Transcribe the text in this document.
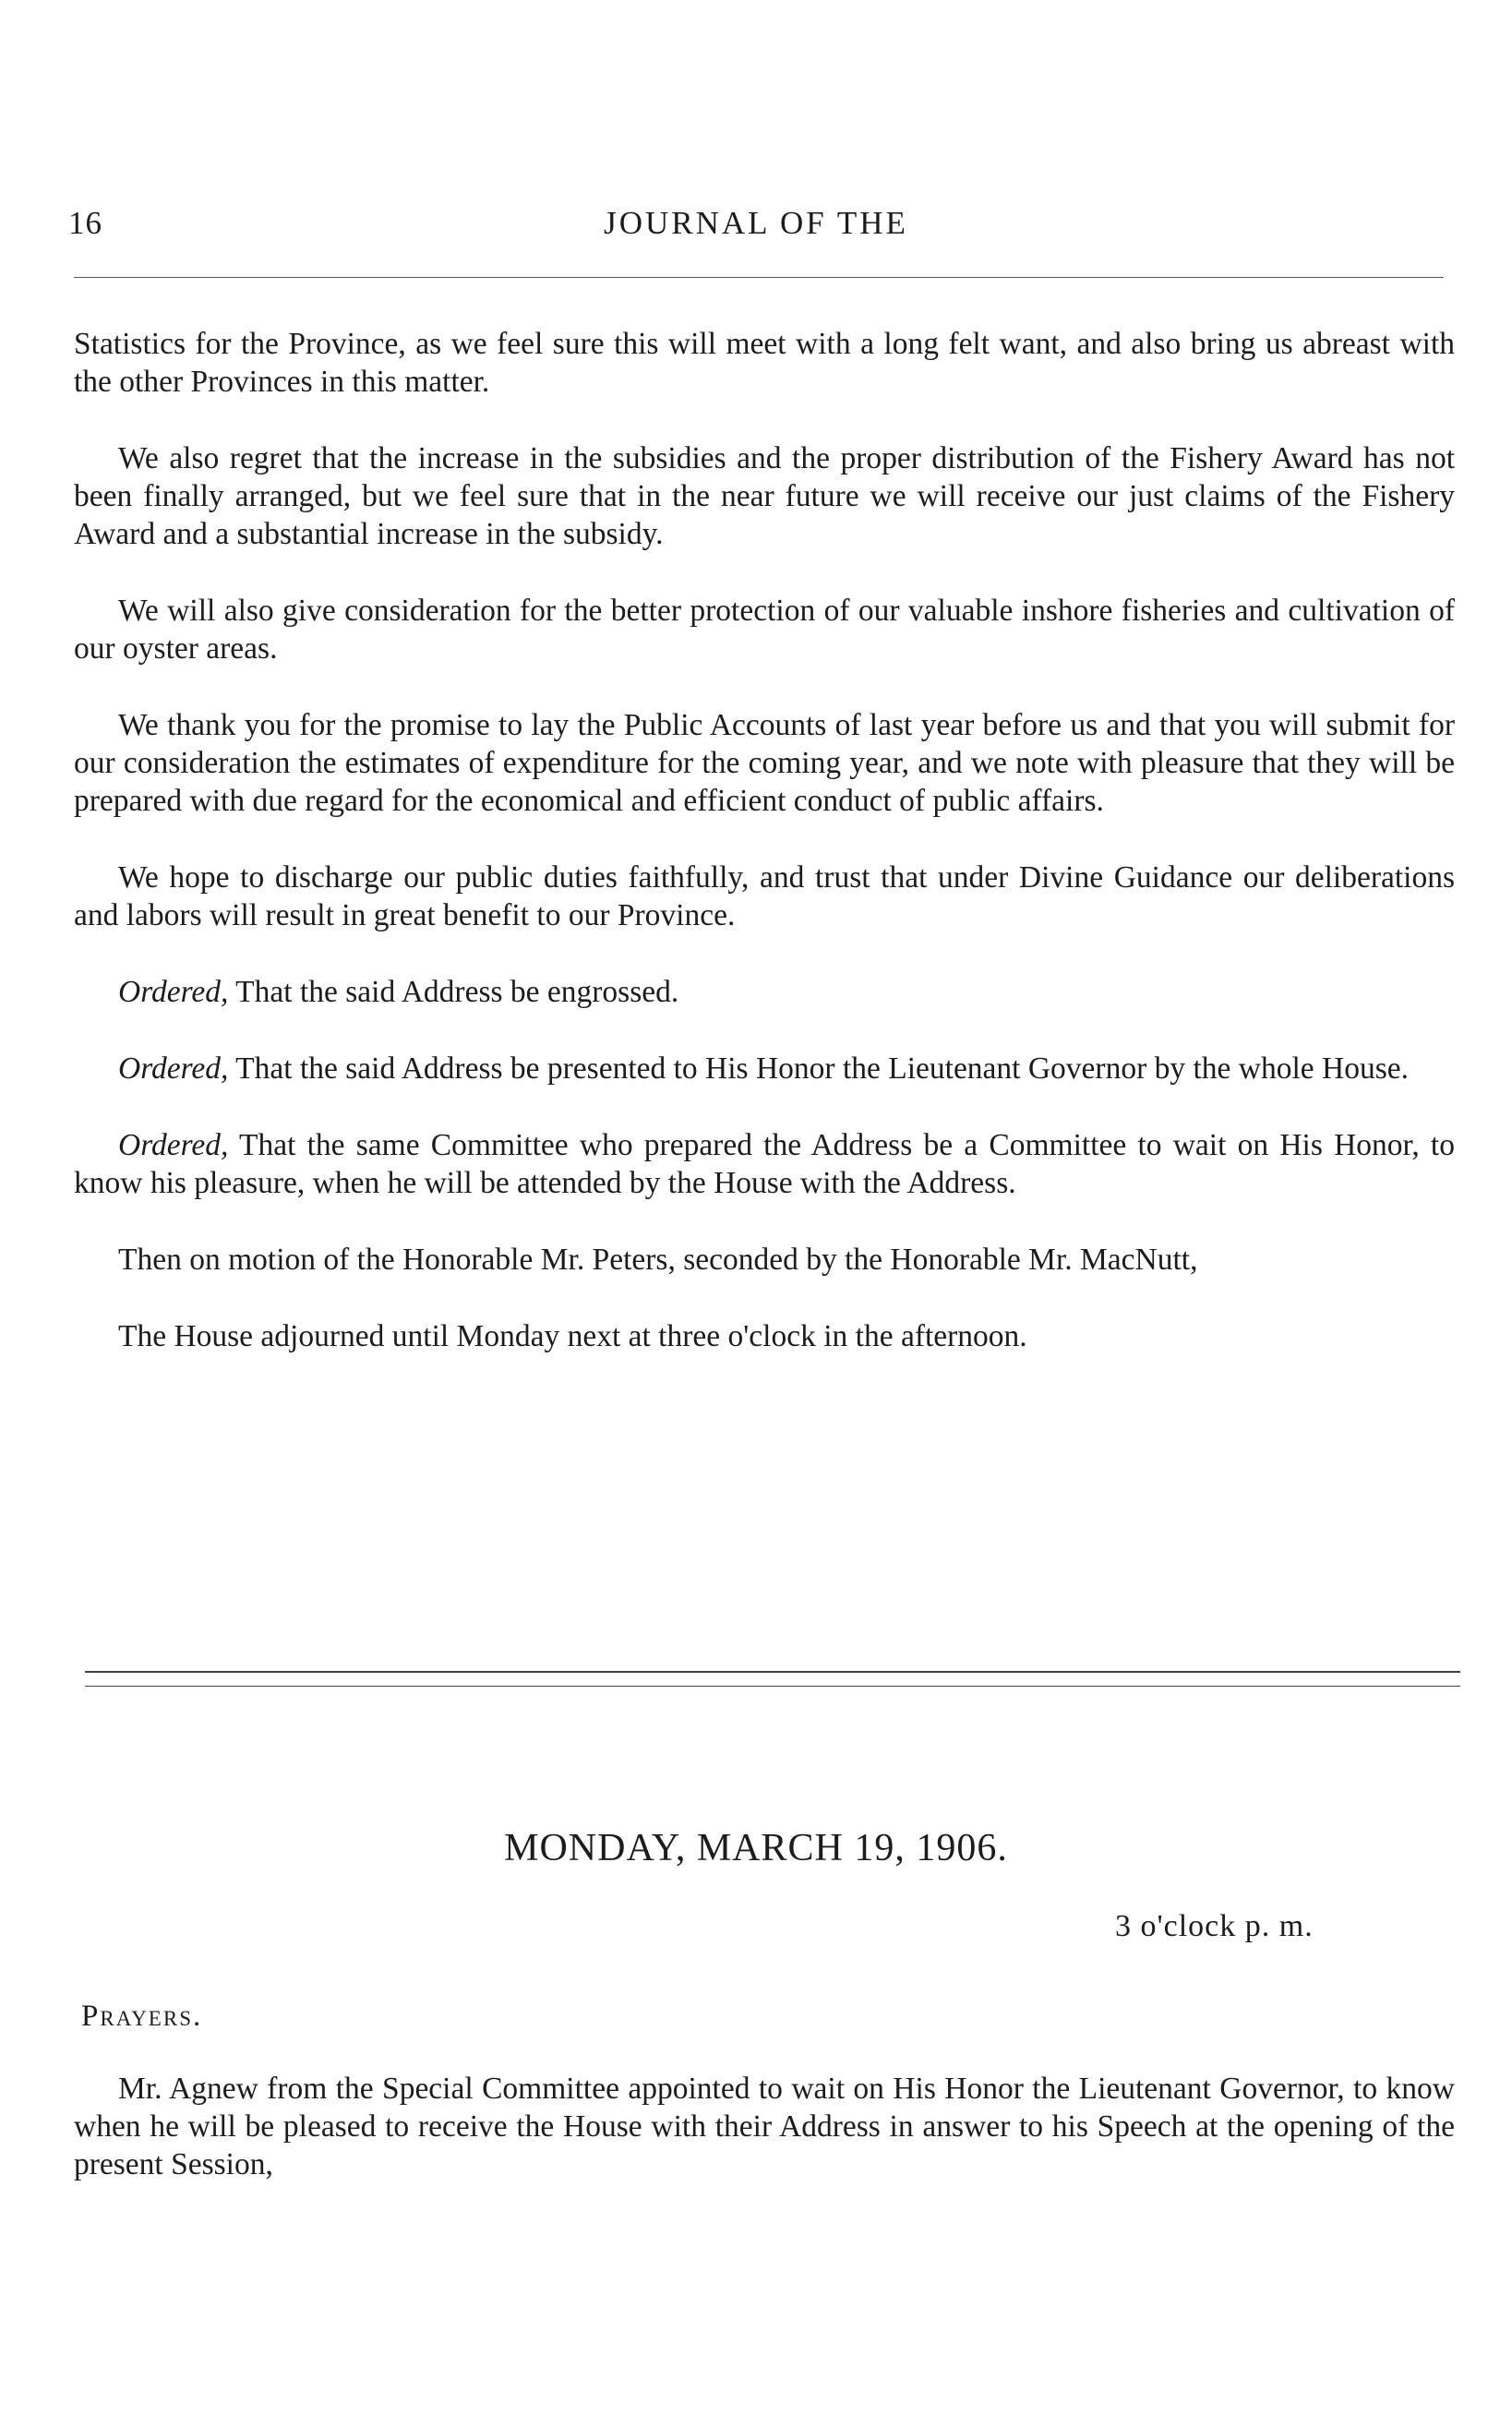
16	JOURNAL OF THE

Statistics for the Province, as we feel sure this will meet with a long felt want, and also bring us abreast with the other Provinces in this matter.

We also regret that the increase in the subsidies and the proper distribution of the Fishery Award has not been finally arranged, but we feel sure that in the near future we will receive our just claims of the Fishery Award and a substantial increase in the subsidy.

We will also give consideration for the better protection of our valuable inshore fisheries and cultivation of our oyster areas.

We thank you for the promise to lay the Public Accounts of last year before us and that you will submit for our consideration the estimates of expenditure for the coming year, and we note with pleasure that they will be prepared with due regard for the economical and efficient conduct of public affairs.

We hope to discharge our public duties faithfully, and trust that under Divine Guidance our deliberations and labors will result in great benefit to our Province.

Ordered, That the said Address be engrossed.

Ordered, That the said Address be presented to His Honor the Lieutenant Governor by the whole House.

Ordered, That the same Committee who prepared the Address be a Committee to wait on His Honor, to know his pleasure, when he will be attended by the House with the Address.

Then on motion of the Honorable Mr. Peters, seconded by the Honorable Mr. MacNutt,

The House adjourned until Monday next at three o'clock in the afternoon.

MONDAY, MARCH 19, 1906.
3 o'clock p. m.
Prayers.

Mr. Agnew from the Special Committee appointed to wait on His Honor the Lieutenant Governor, to know when he will be pleased to receive the House with their Address in answer to his Speech at the opening of the present Session,
